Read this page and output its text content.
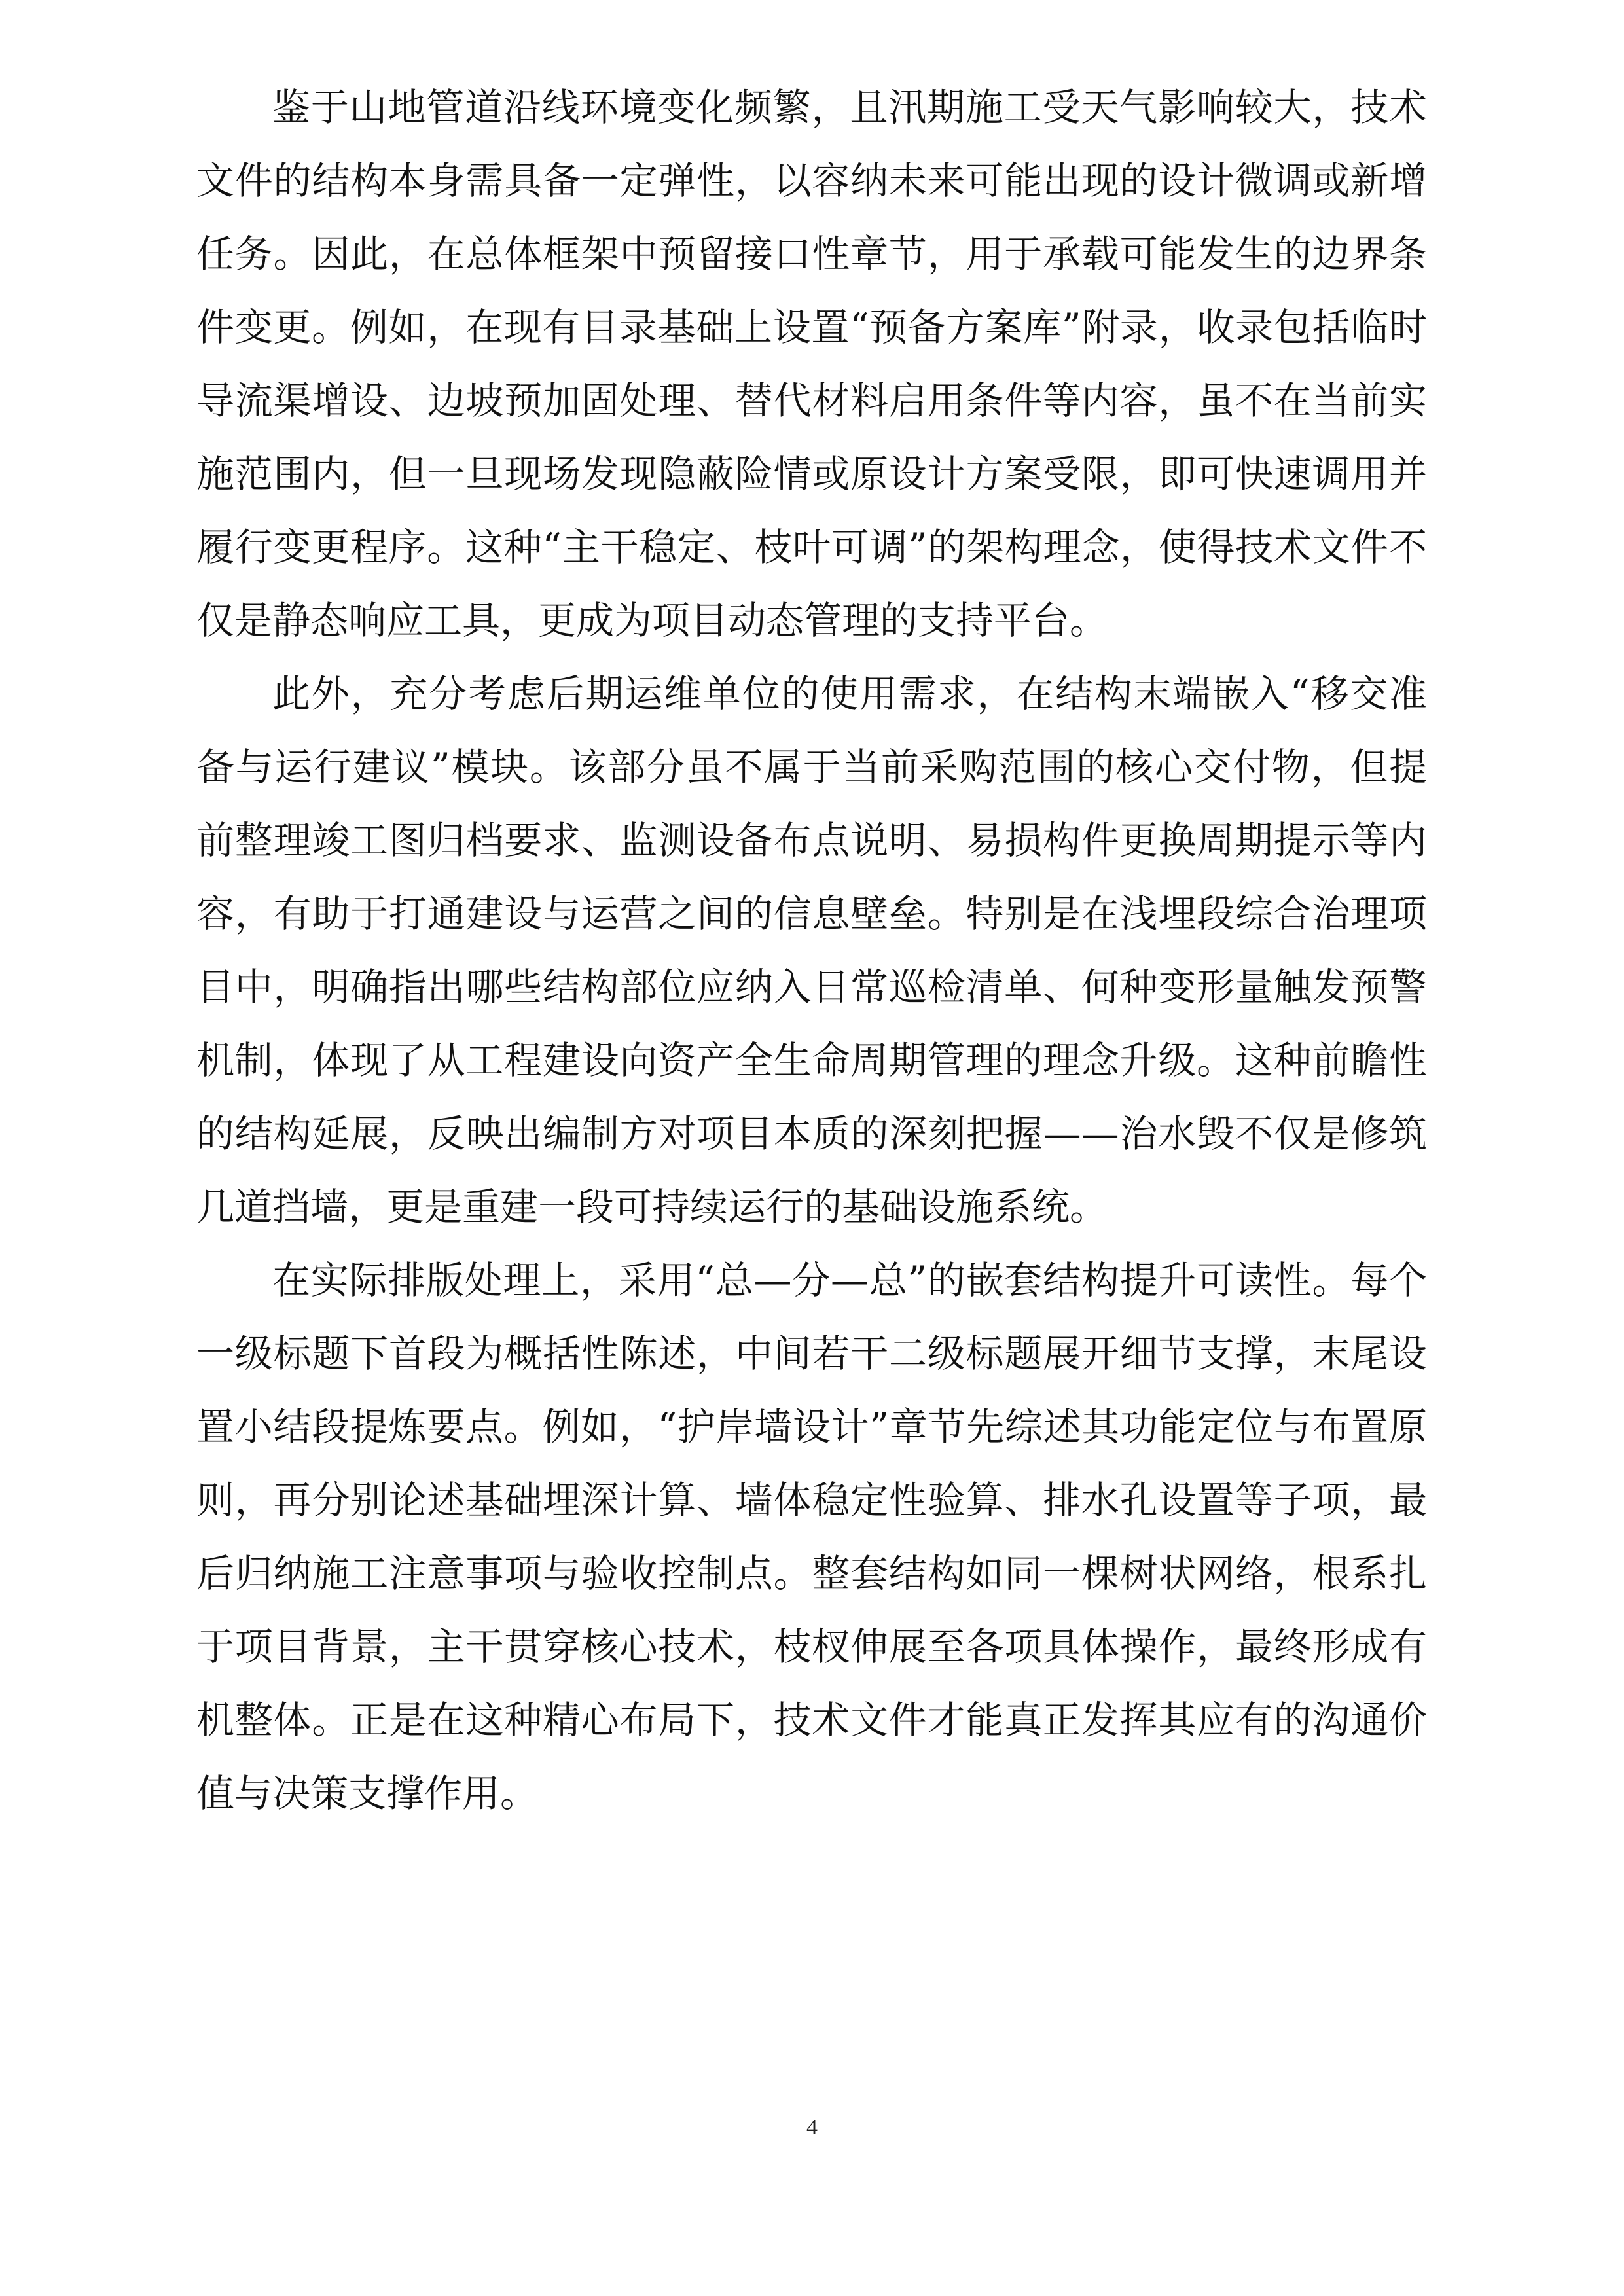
鉴于山地管道沿线环境变化频繁，且汛期施工受天气影响较大，技术文件的结构本身需具备一定弹性，以容纳未来可能出现的设计微调或新增任务。因此，在总体框架中预留接口性章节，用于承载可能发生的边界条件变更。例如，在现有目录基础上设置“预备方案库”附录，收录包括临时导流渠增设、边坡预加固处理、替代材料启用条件等内容，虽不在当前实施范围内，但一旦现场发现隐蔽险情或原设计方案受限，即可快速调用并履行变更程序。这种“主干稳定、枝叶可调”的架构理念，使得技术文件不仅是静态响应工具，更成为项目动态管理的支持平台。

此外，充分考虑后期运维单位的使用需求，在结构末端嵌入“移交准备与运行建议”模块。该部分虽不属于当前采购范围的核心交付物，但提前整理竣工图归档要求、监测设备布点说明、易损构件更换周期提示等内容，有助于打通建设与运营之间的信息壁垒。特别是在浅埋段综合治理项目中，明确指出哪些结构部位应纳入日常巡检清单、何种变形量触发预警机制，体现了从工程建设向资产全生命周期管理的理念升级。这种前瞻性的结构延展，反映出编制方对项目本质的深刻把握——治水毁不仅是修筑几道挡墙，更是重建一段可持续运行的基础设施系统。

在实际排版处理上，采用“总—分—总”的嵌套结构提升可读性。每个一级标题下首段为概括性陈述，中间若干二级标题展开细节支撑，末尾设置小结段提炼要点。例如，“护岸墙设计”章节先综述其功能定位与布置原则，再分别论述基础埋深计算、墙体稳定性验算、排水孔设置等子项，最后归纳施工注意事项与验收控制点。整套结构如同一棵树状网络，根系扎于项目背景，主干贯穿核心技术，枝杈伸展至各项具体操作，最终形成有机整体。正是在这种精心布局下，技术文件才能真正发挥其应有的沟通价值与决策支撑作用。

4
